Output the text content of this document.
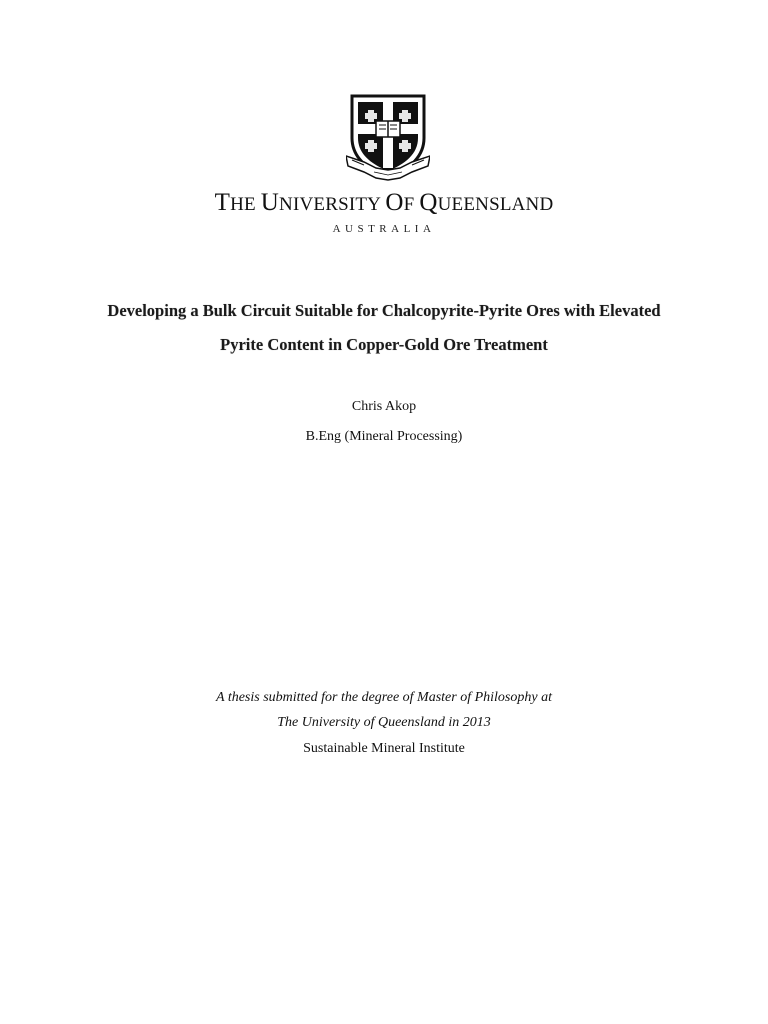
THE UNIVERSITY OF QUEENSLAND
AUSTRALIA
Developing a Bulk Circuit Suitable for Chalcopyrite-Pyrite Ores with Elevated
Pyrite Content in Copper-Gold Ore Treatment
Chris Akop
B.Eng (Mineral Processing)
A thesis submitted for the degree of Master of Philosophy at
The University of Queensland in 2013
Sustainable Mineral Institute
